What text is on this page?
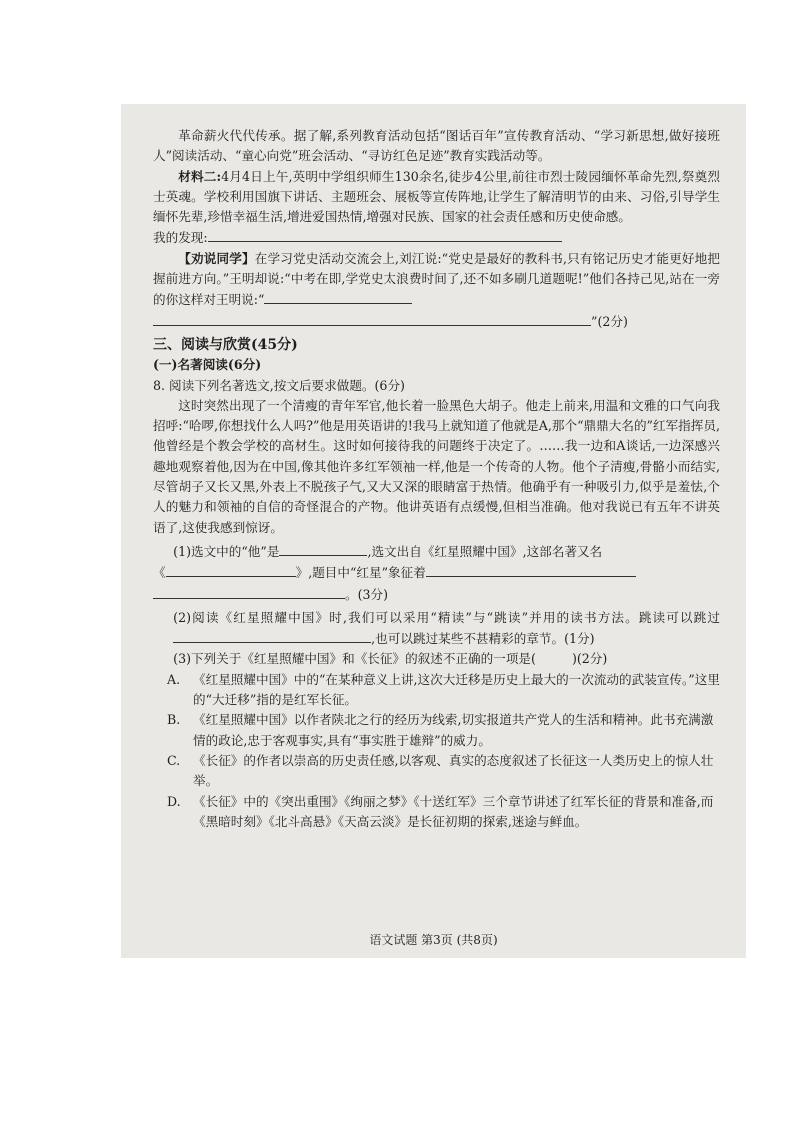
革命薪火代代传承。据了解,系列教育活动包括“图话百年”宣传教育活动、“学习新思想,做好接班人”阅读活动、“童心向党”班会活动、“寻访红色足迹”教育实践活动等。

材料二:4月4日上午,英明中学组织师生130余名,徒步4公里,前往市烈士陵园缅怀革命先烈,祭奠烈士英魂。学校利用国旗下讲话、主题班会、展板等宣传阵地,让学生了解清明节的由来、习俗,引导学生缅怀先辈,珍惜幸福生活,增进爱国热情,增强对民族、国家的社会责任感和历史使命感。

我的发现:

【劝说同学】在学习党史活动交流会上,刘江说:“党史是最好的教科书,只有铭记历史才能更好地把握前进方向。”王明却说:“中考在即,学党史太浪费时间了,还不如多刷几道题呢!”他们各持己见,站在一旁的你这样对王明说:“

”(2分)

三、阅读与欣赏(45分)

(一)名著阅读(6分)

8. 阅读下列名著选文,按文后要求做题。(6分)

这时突然出现了一个清瘦的青年军官,他长着一脸黑色大胡子。他走上前来,用温和文雅的口气向我招呼:“哈啰,你想找什么人吗?”他是用英语讲的!我马上就知道了他就是A,那个“鼎鼎大名的”红军指挥员,他曾经是个教会学校的高材生。这时如何接待我的问题终于决定了。……我一边和A谈话,一边深感兴趣地观察着他,因为在中国,像其他许多红军领袖一样,他是一个传奇的人物。他个子清瘦,骨骼小而结实,尽管胡子又长又黑,外表上不脱孩子气,又大又深的眼睛富于热情。他确乎有一种吸引力,似乎是羞怯,个人的魅力和领袖的自信的奇怪混合的产物。他讲英语有点缓慢,但相当准确。他对我说已有五年不讲英语了,这使我感到惊讶。

(1)选文中的“他”是	,选文出自《红星照耀中国》,这部名著又名

《	》,题目中“红星”象征着

。(3分)

(2)阅读《红星照耀中国》时,我们可以采用“精读”与“跳读”并用的读书方法。跳读可以跳过,也可以跳过某些不甚精彩的章节。(1分)

(3)下列关于《红星照耀中国》和《长征》的叙述不正确的一项是(	)(2分)

A.	《红星照耀中国》中的“在某种意义上讲,这次大迁移是历史上最大的一次流动的武装宣传。”这里的“大迁移”指的是红军长征。
B.	《红星照耀中国》以作者陕北之行的经历为线索,切实报道共产党人的生活和精神。此书充满激情的政论,忠于客观事实,具有“事实胜于雄辩”的威力。
C.	《长征》的作者以崇高的历史责任感,以客观、真实的态度叙述了长征这一人类历史上的惊人壮举。
D. 《长征》中的《突出重围》《绚丽之梦》《十送红军》三个章节讲述了红军长征的背景和准备,而《黑暗时刻》《北斗高悬》《天高云淡》是长征初期的探索,迷途与鲜血。
语文试题 第3页 (共8页)
